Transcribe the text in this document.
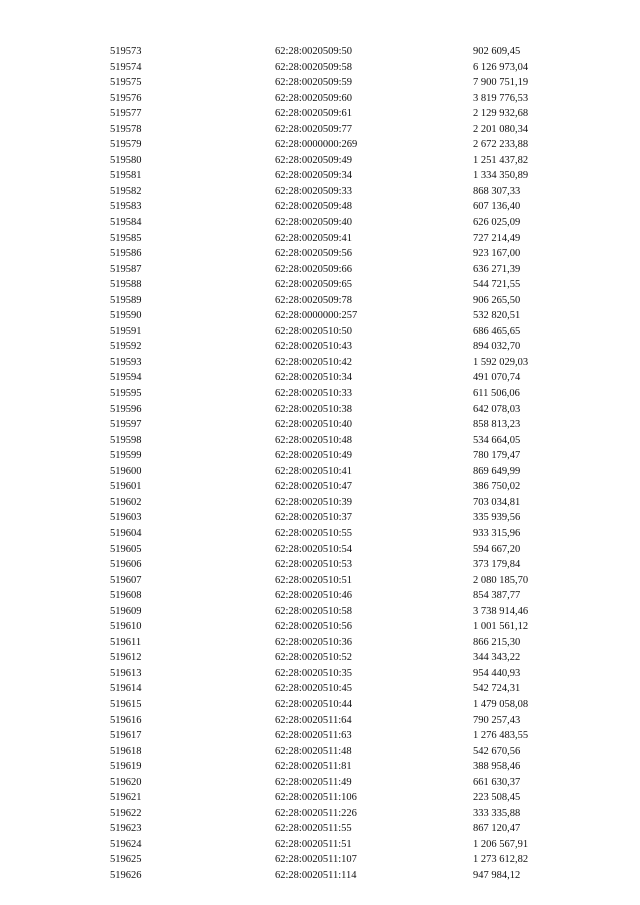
519573	62:28:0020509:50	902 609,45
519574	62:28:0020509:58	6 126 973,04
519575	62:28:0020509:59	7 900 751,19
519576	62:28:0020509:60	3 819 776,53
519577	62:28:0020509:61	2 129 932,68
519578	62:28:0020509:77	2 201 080,34
519579	62:28:0000000:269	2 672 233,88
519580	62:28:0020509:49	1 251 437,82
519581	62:28:0020509:34	1 334 350,89
519582	62:28:0020509:33	868 307,33
519583	62:28:0020509:48	607 136,40
519584	62:28:0020509:40	626 025,09
519585	62:28:0020509:41	727 214,49
519586	62:28:0020509:56	923 167,00
519587	62:28:0020509:66	636 271,39
519588	62:28:0020509:65	544 721,55
519589	62:28:0020509:78	906 265,50
519590	62:28:0000000:257	532 820,51
519591	62:28:0020510:50	686 465,65
519592	62:28:0020510:43	894 032,70
519593	62:28:0020510:42	1 592 029,03
519594	62:28:0020510:34	491 070,74
519595	62:28:0020510:33	611 506,06
519596	62:28:0020510:38	642 078,03
519597	62:28:0020510:40	858 813,23
519598	62:28:0020510:48	534 664,05
519599	62:28:0020510:49	780 179,47
519600	62:28:0020510:41	869 649,99
519601	62:28:0020510:47	386 750,02
519602	62:28:0020510:39	703 034,81
519603	62:28:0020510:37	335 939,56
519604	62:28:0020510:55	933 315,96
519605	62:28:0020510:54	594 667,20
519606	62:28:0020510:53	373 179,84
519607	62:28:0020510:51	2 080 185,70
519608	62:28:0020510:46	854 387,77
519609	62:28:0020510:58	3 738 914,46
519610	62:28:0020510:56	1 001 561,12
519611	62:28:0020510:36	866 215,30
519612	62:28:0020510:52	344 343,22
519613	62:28:0020510:35	954 440,93
519614	62:28:0020510:45	542 724,31
519615	62:28:0020510:44	1 479 058,08
519616	62:28:0020511:64	790 257,43
519617	62:28:0020511:63	1 276 483,55
519618	62:28:0020511:48	542 670,56
519619	62:28:0020511:81	388 958,46
519620	62:28:0020511:49	661 630,37
519621	62:28:0020511:106	223 508,45
519622	62:28:0020511:226	333 335,88
519623	62:28:0020511:55	867 120,47
519624	62:28:0020511:51	1 206 567,91
519625	62:28:0020511:107	1 273 612,82
519626	62:28:0020511:114	947 984,12
